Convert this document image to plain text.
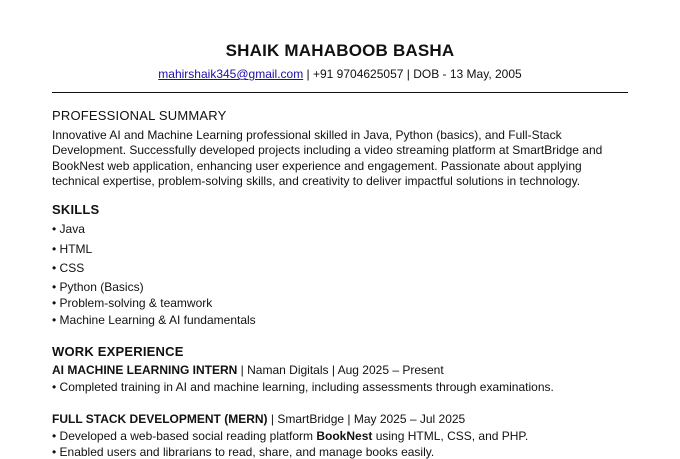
SHAIK MAHABOOB BASHA
mahirshaik345@gmail.com | +91 9704625057 | DOB - 13 May, 2005
PROFESSIONAL SUMMARY
Innovative AI and Machine Learning professional skilled in Java, Python (basics), and Full-Stack Development. Successfully developed projects including a video streaming platform at SmartBridge and BookNest web application, enhancing user experience and engagement. Passionate about applying technical expertise, problem-solving skills, and creativity to deliver impactful solutions in technology.
SKILLS
• Java
• HTML
• CSS
• Python (Basics)
• Problem-solving & teamwork
• Machine Learning & AI fundamentals
WORK EXPERIENCE
AI MACHINE LEARNING INTERN | Naman Digitals | Aug 2025 – Present
• Completed training in AI and machine learning, including assessments through examinations.
FULL STACK DEVELOPMENT (MERN) | SmartBridge | May 2025 – Jul 2025
• Developed a web-based social reading platform BookNest using HTML, CSS, and PHP.
• Enabled users and librarians to read, share, and manage books easily.
